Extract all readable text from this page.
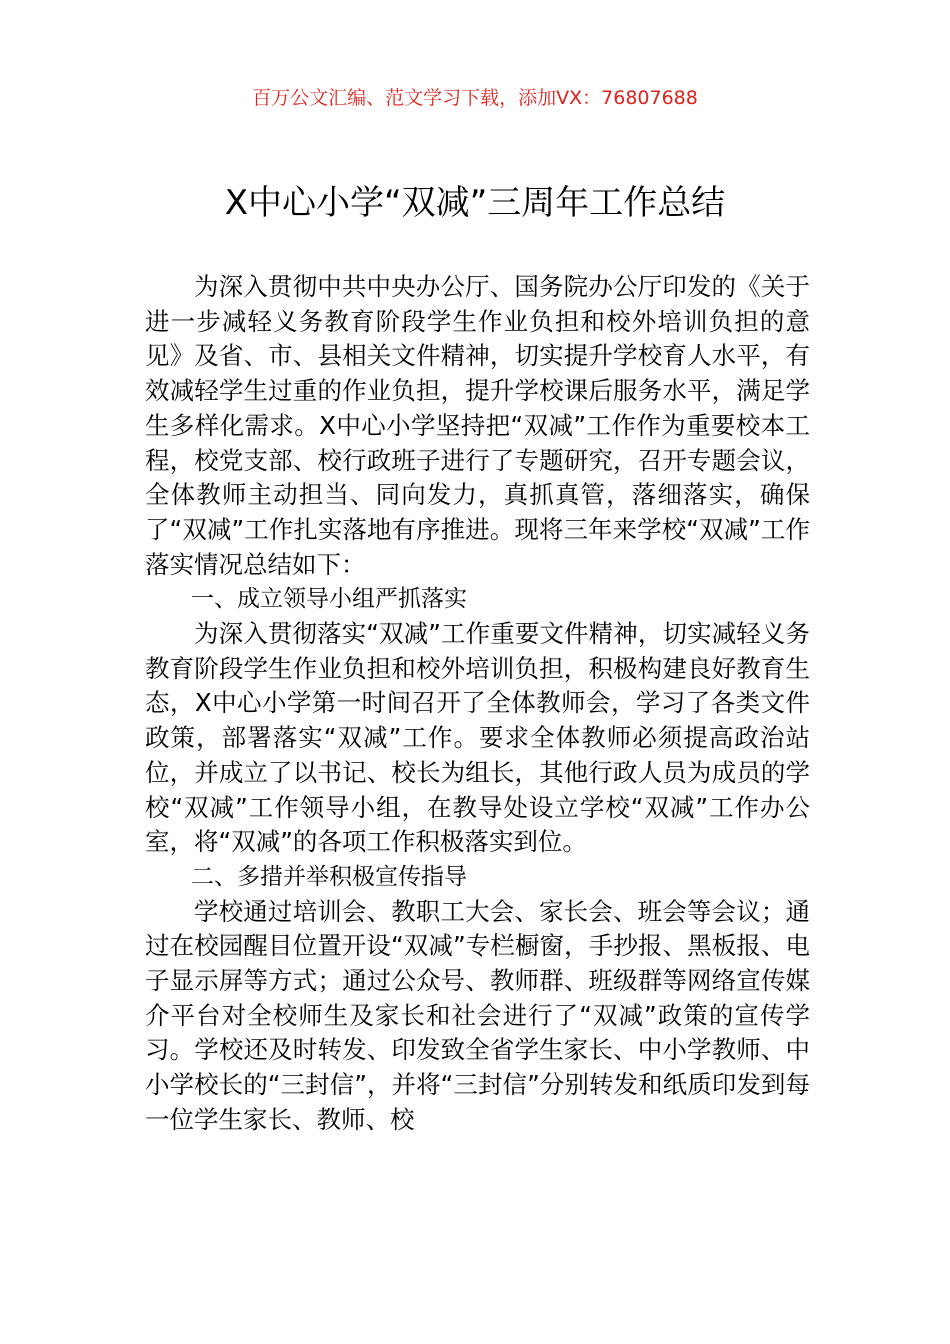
百万公文汇编、范文学习下载，添加VX：76807688
X中心小学“双减”三周年工作总结

为深入贯彻中共中央办公厅、国务院办公厅印发的《关于进一步减轻义务教育阶段学生作业负担和校外培训负担的意见》及省、市、县相关文件精神，切实提升学校育人水平，有效减轻学生过重的作业负担，提升学校课后服务水平，满足学生多样化需求。X中心小学坚持把“双减”工作作为重要校本工程，校党支部、校行政班子进行了专题研究，召开专题会议，全体教师主动担当、同向发力，真抓真管，落细落实，确保了“双减”工作扎实落地有序推进。现将三年来学校“双减”工作落实情况总结如下：

一、成立领导小组严抓落实

为深入贯彻落实“双减”工作重要文件精神，切实减轻义务教育阶段学生作业负担和校外培训负担，积极构建良好教育生态，X中心小学第一时间召开了全体教师会，学习了各类文件政策，部署落实“双减”工作。要求全体教师必须提高政治站位，并成立了以书记、校长为组长，其他行政人员为成员的学校“双减”工作领导小组，在教导处设立学校“双减”工作办公室，将“双减”的各项工作积极落实到位。

二、多措并举积极宣传指导

学校通过培训会、教职工大会、家长会、班会等会议；通过在校园醒目位置开设“双减”专栏橱窗，手抄报、黑板报、电子显示屏等方式；通过公众号、教师群、班级群等网络宣传媒介平台对全校师生及家长和社会进行了“双减”政策的宣传学习。学校还及时转发、印发致全省学生家长、中小学教师、中小学校长的“三封信”，并将“三封信”分别转发和纸质印发到每一位学生家长、教师、校
